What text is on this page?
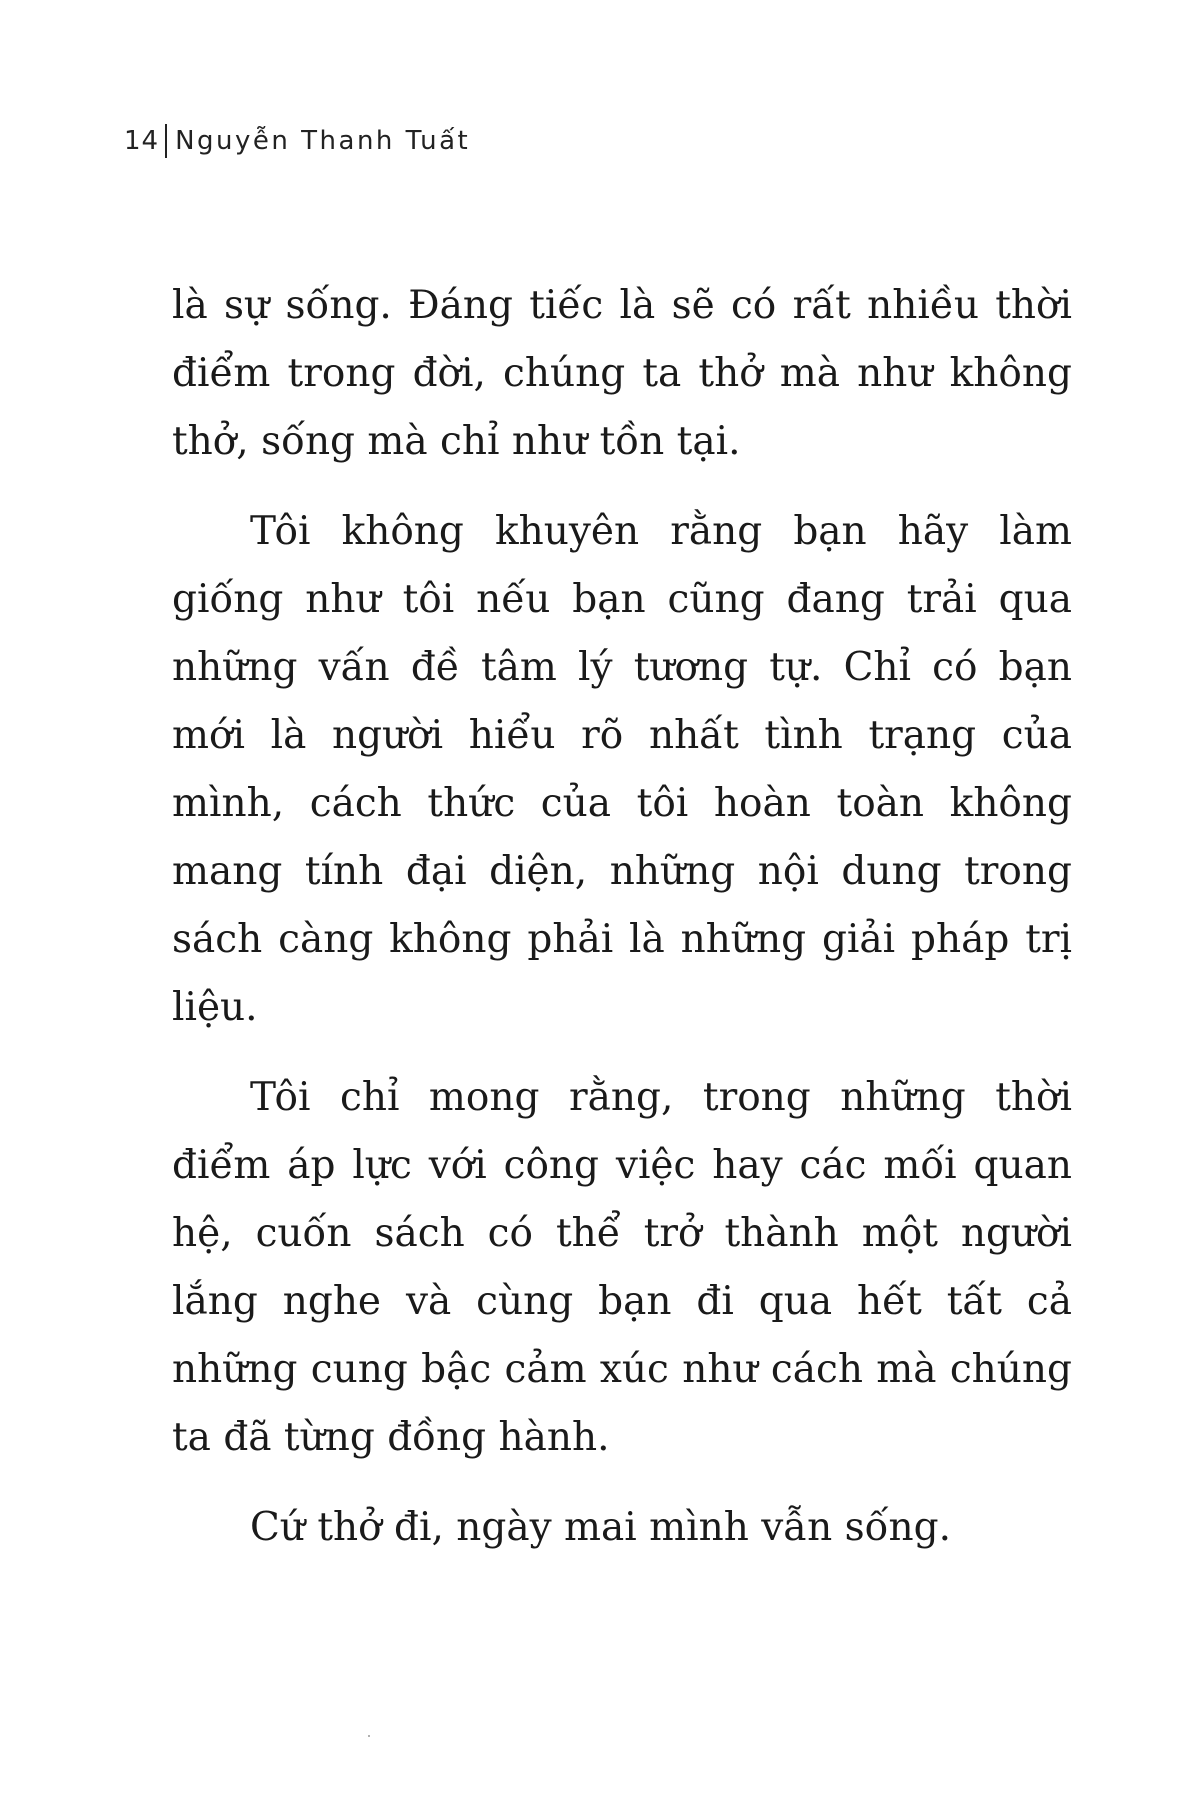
14 Nguyễn Thanh Tuất

là sự sống. Đáng tiếc là sẽ có rất nhiều thời điểm trong đời, chúng ta thở mà như không thở, sống mà chỉ như tồn tại.

Tôi không khuyên rằng bạn hãy làm giống như tôi nếu bạn cũng đang trải qua những vấn đề tâm lý tương tự. Chỉ có bạn mới là người hiểu rõ nhất tình trạng của mình, cách thức của tôi hoàn toàn không mang tính đại diện, những nội dung trong sách càng không phải là những giải pháp trị liệu.

Tôi chỉ mong rằng, trong những thời điểm áp lực với công việc hay các mối quan hệ, cuốn sách có thể trở thành một người lắng nghe và cùng bạn đi qua hết tất cả những cung bậc cảm xúc như cách mà chúng ta đã từng đồng hành.

Cứ thở đi, ngày mai mình vẫn sống.
